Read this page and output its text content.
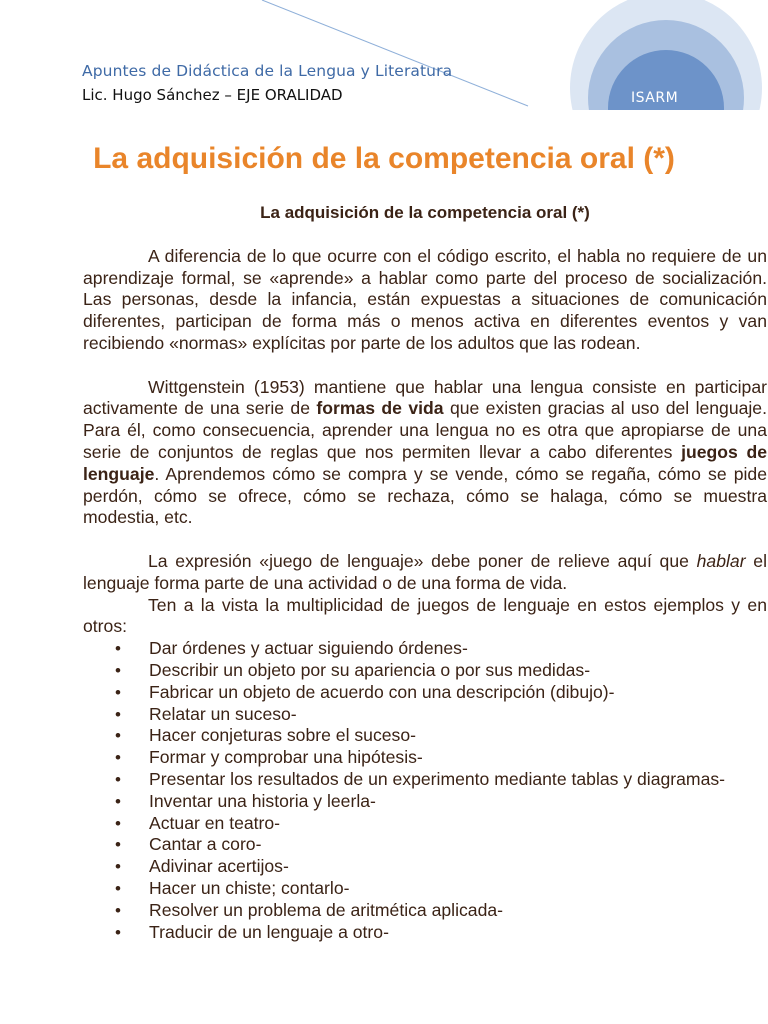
Apuntes de Didáctica de la Lengua y Literatura
Lic. Hugo Sánchez – EJE ORALIDAD	ISARM
La adquisición de la competencia oral (*)
La adquisición de la competencia oral (*)

A diferencia de lo que ocurre con el código escrito, el habla no requiere de un aprendizaje formal, se «aprende» a hablar como parte del proceso de socialización. Las personas, desde la infancia, están expuestas a situaciones de comunicación diferentes, participan de forma más o menos activa en diferentes eventos y van recibiendo «normas» explícitas por parte de los adultos que las rodean.

Wittgenstein (1953) mantiene que hablar una lengua consiste en participar activamente de una serie de formas de vida que existen gracias al uso del lenguaje. Para él, como consecuencia, aprender una lengua no es otra que apropiarse de una serie de conjuntos de reglas que nos permiten llevar a cabo diferentes juegos de lenguaje. Aprendemos cómo se compra y se vende, cómo se regaña, cómo se pide perdón, cómo se ofrece, cómo se rechaza, cómo se halaga, cómo se muestra modestia, etc.

La expresión «juego de lenguaje» debe poner de relieve aquí que hablar el lenguaje forma parte de una actividad o de una forma de vida.

Ten a la vista la multiplicidad de juegos de lenguaje en estos ejemplos y en otros:

• Dar órdenes y actuar siguiendo órdenes-
• Describir un objeto por su apariencia o por sus medidas-
• Fabricar un objeto de acuerdo con una descripción (dibujo)-
• Relatar un suceso-
• Hacer conjeturas sobre el suceso-
• Formar y comprobar una hipótesis-
• Presentar los resultados de un experimento mediante tablas y diagramas-
• Inventar una historia y leerla-
• Actuar en teatro-
• Cantar a coro-
• Adivinar acertijos-
• Hacer un chiste; contarlo-
• Resolver un problema de aritmética aplicada-
• Traducir de un lenguaje a otro-
